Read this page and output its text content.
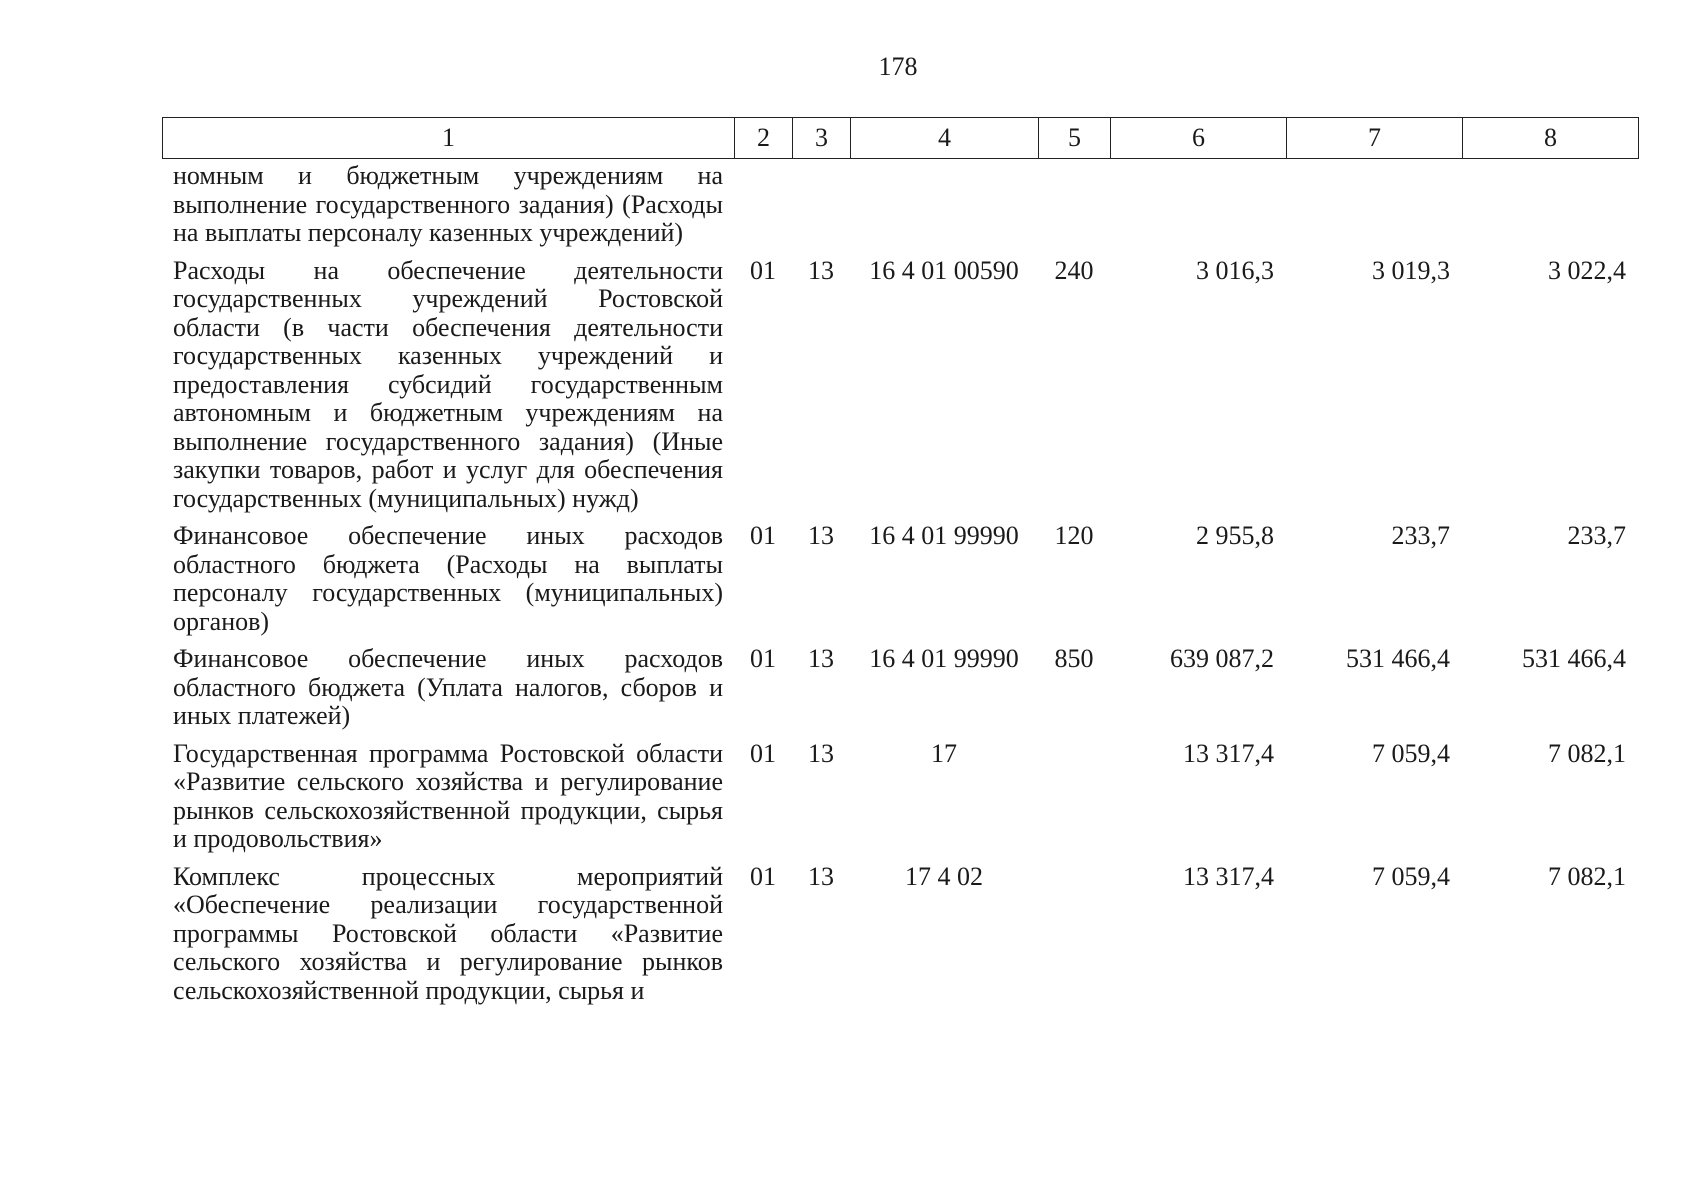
178
1	2	3	4	5	6	7	8
номным и бюджетным учреждениям на выполнение государственного задания) (Расходы на выплаты персоналу казенных учреждений)							
Расходы на обеспечение деятельности государственных учреждений Ростовской области (в части обеспечения деятельности государственных казенных учреждений и предоставления субсидий государственным автономным и бюджетным учреждениям на выполнение государственного задания) (Иные закупки товаров, работ и услуг для обеспечения государственных (муниципальных) нужд)	01	13	16 4 01 00590	240	3 016,3	3 019,3	3 022,4
Финансовое обеспечение иных расходов областного бюджета (Расходы на выплаты персоналу государственных (муниципальных) органов)	01	13	16 4 01 99990	120	2 955,8	233,7	233,7
Финансовое обеспечение иных расходов областного бюджета (Уплата налогов, сборов и иных платежей)	01	13	16 4 01 99990	850	639 087,2	531 466,4	531 466,4
Государственная программа Ростовской области «Развитие сельского хозяйства и регулирование рынков сельскохозяйственной продукции, сырья и продовольствия»	01	13	17		13 317,4	7 059,4	7 082,1
Комплекс процессных мероприятий «Обеспечение реализации государственной программы Ростовской области «Развитие сельского хозяйства и регулирование рынков сельскохозяйственной продукции, сырья и	01	13	17 4 02		13 317,4	7 059,4	7 082,1
